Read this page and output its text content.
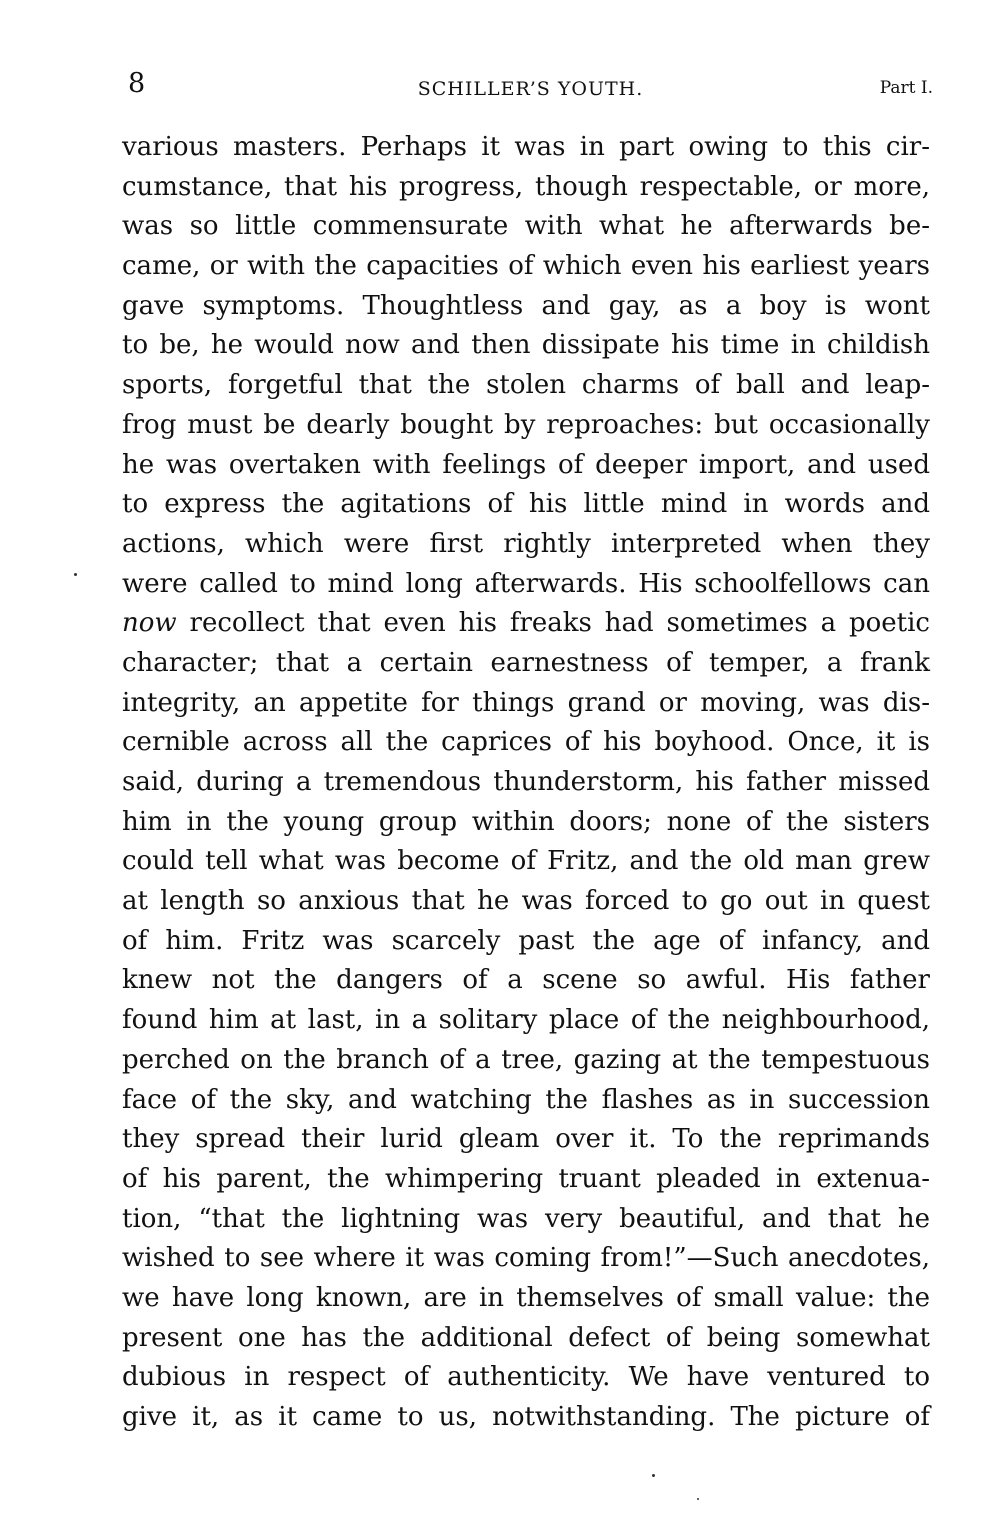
8	SCHILLER’S YOUTH.	Part I.
various masters. Perhaps it was in part owing to this cir-
cumstance, that his progress, though respectable, or more,
was so little commensurate with what he afterwards be-
came, or with the capacities of which even his earliest years
gave symptoms. Thoughtless and gay, as a boy is wont
to be, he would now and then dissipate his time in childish
sports, forgetful that the stolen charms of ball and leap-
frog must be dearly bought by reproaches: but occasionally
he was overtaken with feelings of deeper import, and used
to express the agitations of his little mind in words and
actions, which were first rightly interpreted when they
were called to mind long afterwards. His schoolfellows can
now recollect that even his freaks had sometimes a poetic
character; that a certain earnestness of temper, a frank
integrity, an appetite for things grand or moving, was dis-
cernible across all the caprices of his boyhood. Once, it is
said, during a tremendous thunderstorm, his father missed
him in the young group within doors; none of the sisters
could tell what was become of Fritz, and the old man grew
at length so anxious that he was forced to go out in quest
of him. Fritz was scarcely past the age of infancy, and
knew not the dangers of a scene so awful. His father
found him at last, in a solitary place of the neighbourhood,
perched on the branch of a tree, gazing at the tempestuous
face of the sky, and watching the flashes as in succession
they spread their lurid gleam over it. To the reprimands
of his parent, the whimpering truant pleaded in extenua-
tion, “that the lightning was very beautiful, and that he
wished to see where it was coming from!”—Such anecdotes,
we have long known, are in themselves of small value: the
present one has the additional defect of being somewhat
dubious in respect of authenticity. We have ventured to
give it, as it came to us, notwithstanding. The picture of
